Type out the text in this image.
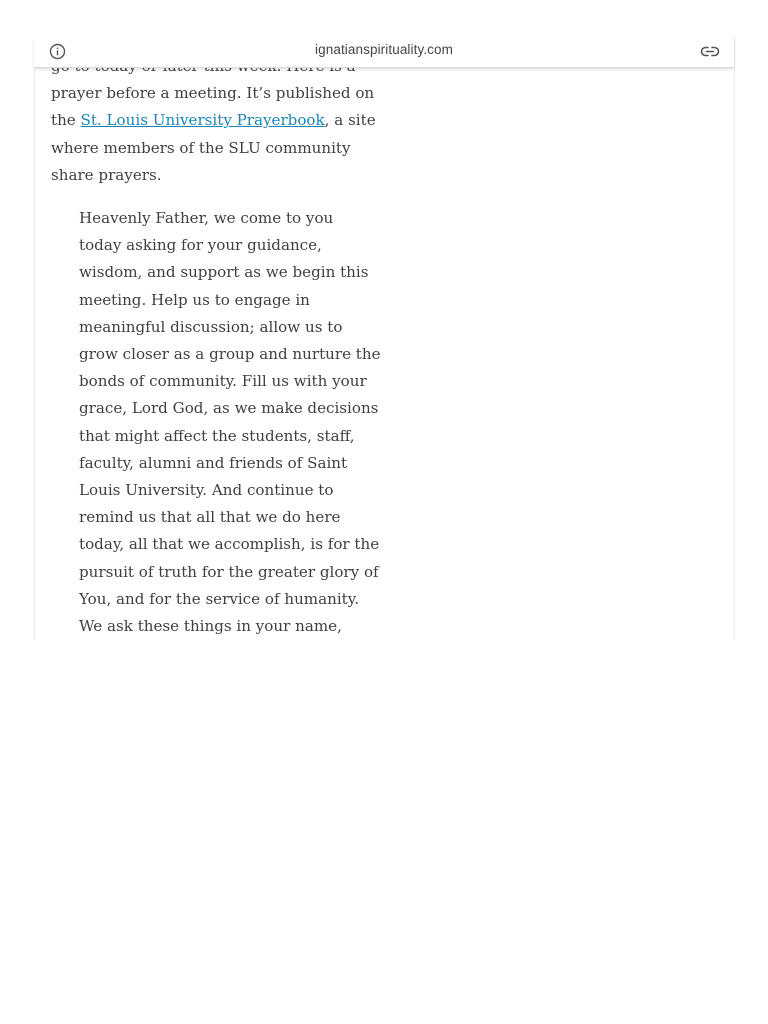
prayer before a meeting. It’s published on
the St. Louis University Prayerbook, a site
where members of the SLU community
share prayers.

Heavenly Father, we come to you
today asking for your guidance,
wisdom, and support as we begin this
meeting. Help us to engage in
meaningful discussion; allow us to
grow closer as a group and nurture the
bonds of community. Fill us with your
grace, Lord God, as we make decisions
that might affect the students, staff,
faculty, alumni and friends of Saint
Louis University. And continue to
remind us that all that we do here
today, all that we accomplish, is for the
pursuit of truth for the greater glory of
You, and for the service of humanity.
We ask these things in your name,
ignatianspirituality.com
